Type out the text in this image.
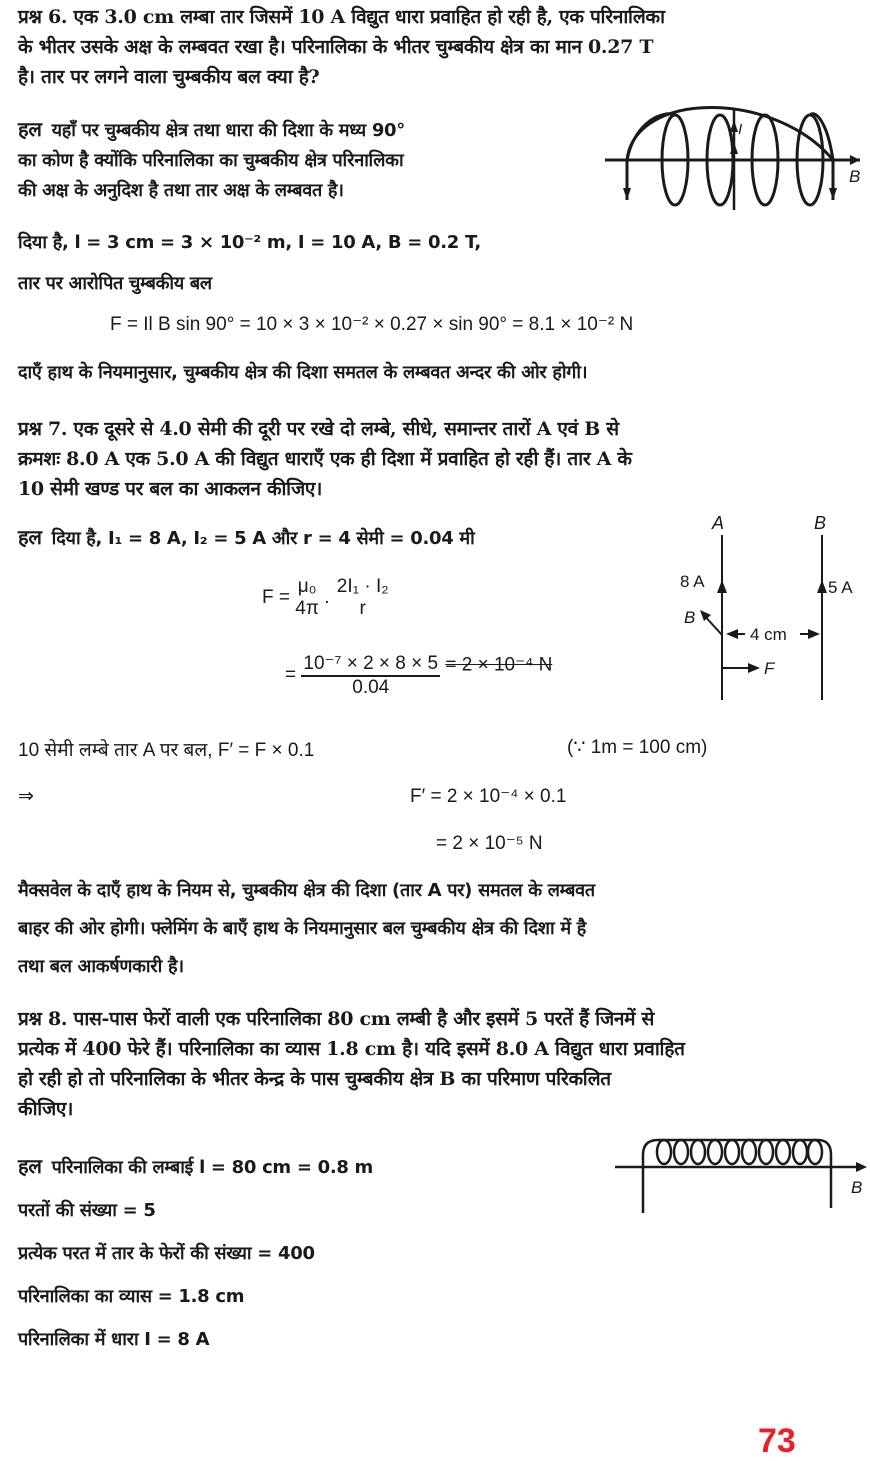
प्रश्न 6. एक 3.0 cm लम्बा तार जिसमें 10 A विद्युत धारा प्रवाहित हो रही है, एक परिनालिका
के भीतर उसके अक्ष के लम्बवत रखा है। परिनालिका के भीतर चुम्बकीय क्षेत्र का मान 0.27 T
है। तार पर लगने वाला चुम्बकीय बल क्या है?
हल यहाँ पर चुम्बकीय क्षेत्र तथा धारा की दिशा के मध्य 90°
का कोण है क्योंकि परिनालिका का चुम्बकीय क्षेत्र परिनालिका
की अक्ष के अनुदिश है तथा तार अक्ष के लम्बवत है।
I
B
दिया है, l = 3 cm = 3 × 10⁻² m, I = 10 A, B = 0.2 T,
तार पर आरोपित चुम्बकीय बल
F = Il B sin 90° = 10 × 3 × 10⁻² × 0.27 × sin 90° = 8.1 × 10⁻² N
दाएँ हाथ के नियमानुसार, चुम्बकीय क्षेत्र की दिशा समतल के लम्बवत अन्दर की ओर होगी।
प्रश्न 7. एक दूसरे से 4.0 सेमी की दूरी पर रखे दो लम्बे, सीधे, समान्तर तारों A एवं B से
क्रमशः 8.0 A एक 5.0 A की विद्युत धाराएँ एक ही दिशा में प्रवाहित हो रही हैं। तार A के
10 सेमी खण्ड पर बल का आकलन कीजिए।
हल दिया है, I₁ = 8 A, I₂ = 5 A और r = 4 सेमी = 0.04 मी
F =
μ₀
4π
.
2I₁ · I₂
r
= $\frac{\text{10⁻⁷ × 2 × 8 × 5}}{0.04} = 2 \times 10^{-4}$ N
A	B
8 A	5 A
B
4 cm
F
10 सेमी लम्बे तार A पर बल, F′ = F × 0.1	(∵ 1m = 100 cm)
⇒	F′ = 2 × 10⁻⁴ × 0.1
= 2 × 10⁻⁵ N
मैक्सवेल के दाएँ हाथ के नियम से, चुम्बकीय क्षेत्र की दिशा (तार A पर) समतल के लम्बवत
बाहर की ओर होगी। फ्लेमिंग के बाएँ हाथ के नियमानुसार बल चुम्बकीय क्षेत्र की दिशा में है
तथा बल आकर्षणकारी है।
प्रश्न 8. पास-पास फेरों वाली एक परिनालिका 80 cm लम्बी है और इसमें 5 परतें हैं जिनमें से
प्रत्येक में 400 फेरे हैं। परिनालिका का व्यास 1.8 cm है। यदि इसमें 8.0 A विद्युत धारा प्रवाहित
हो रही हो तो परिनालिका के भीतर केन्द्र के पास चुम्बकीय क्षेत्र B का परिमाण परिकलित
कीजिए।
हल परिनालिका की लम्बाई l = 80 cm = 0.8 m
परतों की संख्या = 5
प्रत्येक परत में तार के फेरों की संख्या = 400
परिनालिका का व्यास = 1.8 cm
परिनालिका में धारा I = 8 A
B
73
